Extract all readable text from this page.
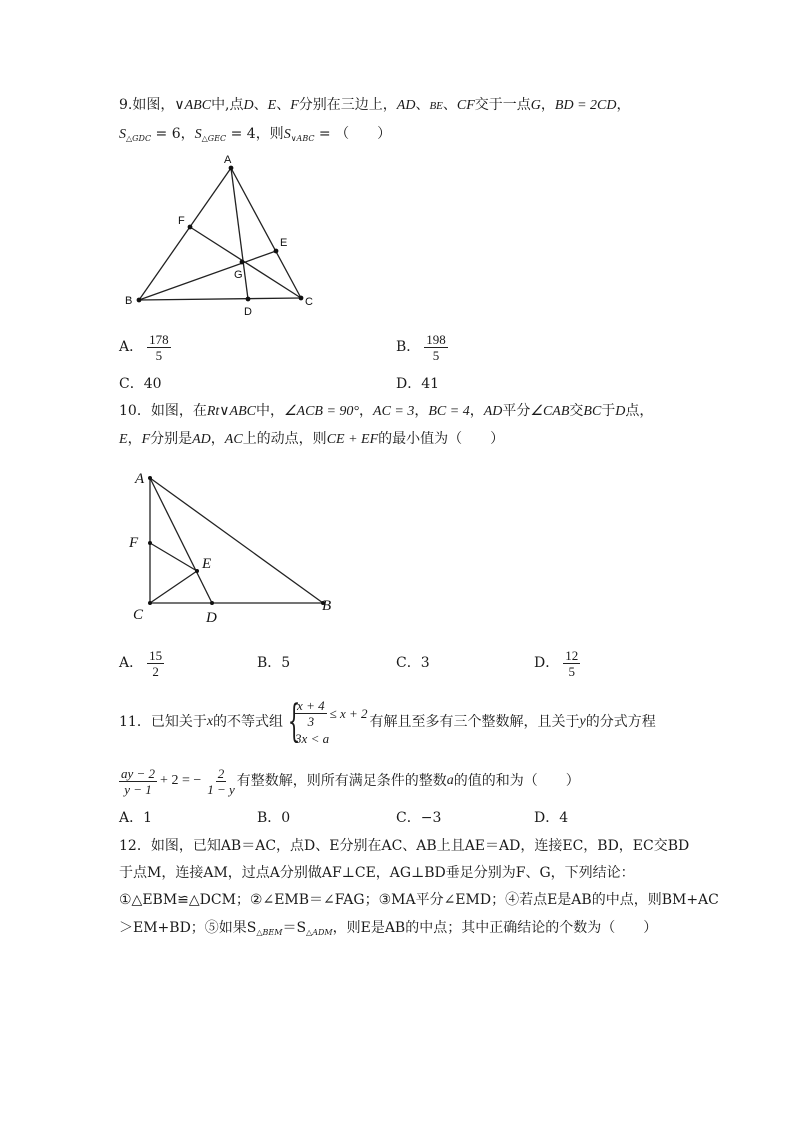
9.如图，∨ABC中,点D、E、F分别在三边上，AD、BE、CF交于一点G，BD = 2CD，
$S_{\triangle GDC} = 6$，$S_{\triangle GEC} = 4$，则$S_{\vee ABC}$ = （　　）
A
B	C
D
E
F
G
A． $\frac{178}{5}$	B． $\frac{198}{5}$
C．40	D．41
10．如图，在Rt∨ABC中，∠ACB = 90°，AC = 3，BC = 4，AD平分∠CAB交BC于D点，
E，F分别是AD，AC上的动点，则CE + EF的最小值为（　　）
A
F
E
C	D
B
A． $\frac{15}{2}$	B．5	C．3	D． $\frac{12}{5}$
11．已知关于 x 的不等式组 {
$\frac{x + 4}{3} \le x + 2$
3x < a
有解且至多有三个整数解，且关于 y 的分式方程
$\frac{ay - 2}{y - 1} + 2$ = − $\frac{2}{1 - y}$ 有整数解，则所有满足条件的整数 a 的值的和为（　　）
A．1	B．0	C．−3	D．4
12．如图，已知AB＝AC，点D、E分别在AC、AB上且AE＝AD，连接EC，BD，EC交BD
于点M，连接AM，过点A分别做AF⊥CE，AG⊥BD垂足分别为F、G，下列结论：
①△EBM≌△DCM；②∠EMB＝∠FAG；③MA平分∠EMD；④若点E是AB的中点，则BM+AC
＞EM+BD；⑤如果$S_{\triangle BEM}=S_{\triangle ADM}$，则E是AB的中点；其中正确结论的个数为（　　）
